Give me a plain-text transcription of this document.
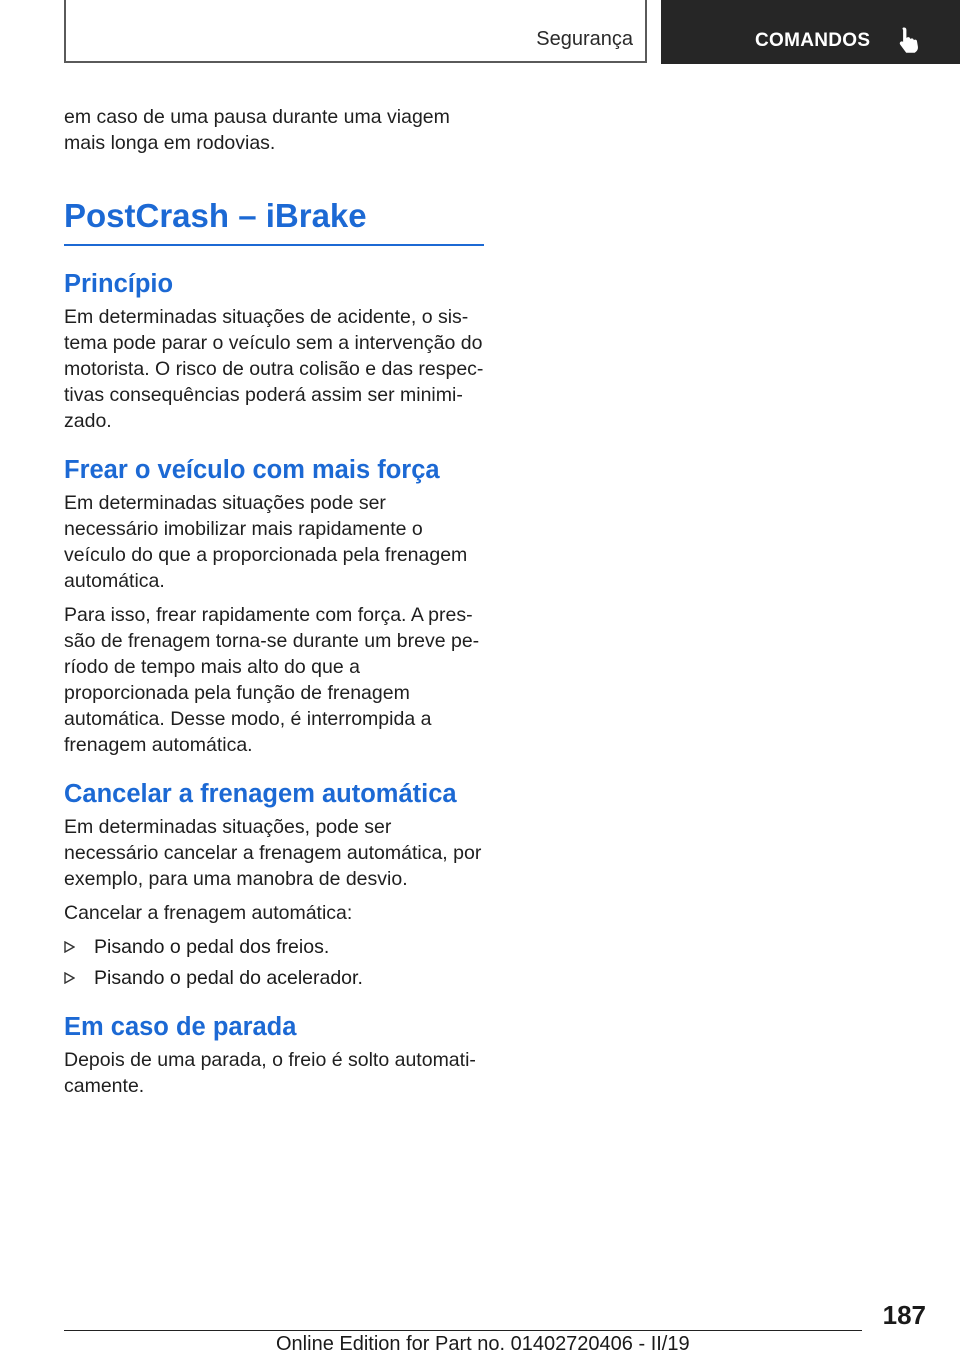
Segurança	COMANDOS

em caso de uma pausa durante uma viagem mais longa em rodovias.

PostCrash – iBrake
Princípio

Em determinadas situações de acidente, o sis-tema pode parar o veículo sem a intervenção do motorista. O risco de outra colisão e das respec-tivas consequências poderá assim ser minimi-zado.

Frear o veículo com mais força

Em determinadas situações pode ser necessário imobilizar mais rapidamente o veículo do que a proporcionada pela frenagem automática.

Para isso, frear rapidamente com força. A pres-são de frenagem torna-se durante um breve pe-ríodo de tempo mais alto do que a proporcionada pela função de frenagem automática. Desse modo, é interrompida a frenagem automática.

Cancelar a frenagem automática

Em determinadas situações, pode ser necessário cancelar a frenagem automática, por exemplo, para uma manobra de desvio.

Cancelar a frenagem automática:

Pisando o pedal dos freios.
Pisando o pedal do acelerador.
Em caso de parada

Depois de uma parada, o freio é solto automati-camente.

187
Online Edition for Part no. 01402720406 - II/19
